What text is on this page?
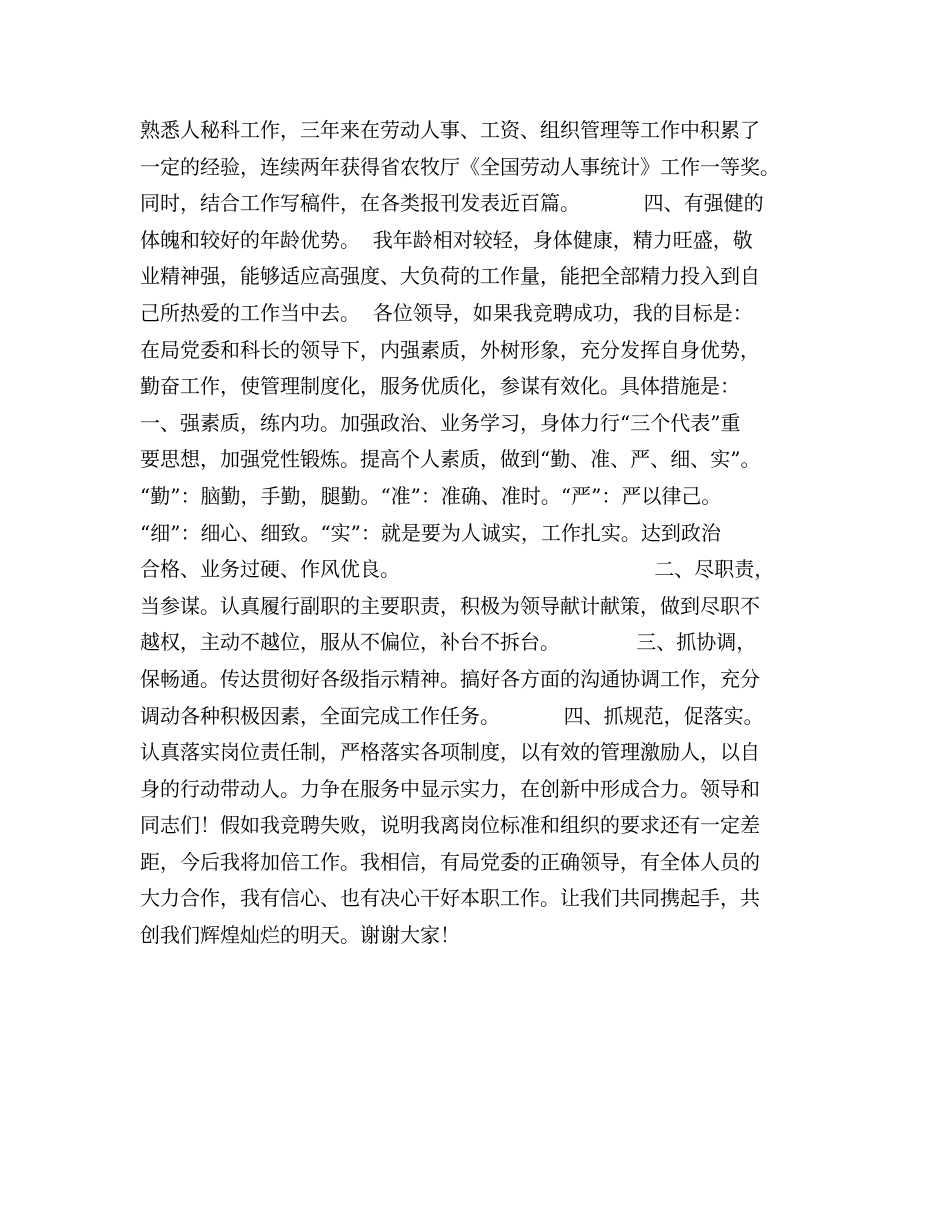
熟悉人秘科工作，三年来在劳动人事、工资、组织管理等工作中积累了
一定的经验，连续两年获得省农牧厅《全国劳动人事统计》工作一等奖。
同时，结合工作写稿件，在各类报刊发表近百篇。          四、有强健的
体魄和较好的年龄优势。  我年龄相对较轻，身体健康，精力旺盛，敬
业精神强，能够适应高强度、大负荷的工作量，能把全部精力投入到自
己所热爱的工作当中去。  各位领导，如果我竞聘成功，我的目标是：
在局党委和科长的领导下，内强素质，外树形象，充分发挥自身优势，
勤奋工作，使管理制度化，服务优质化，参谋有效化。具体措施是：
一、强素质，练内功。加强政治、业务学习，身体力行“三个代表”重
要思想，加强党性锻炼。提高个人素质，做到“勤、准、严、细、实”。
“勤”：脑勤，手勤，腿勤。“准”：准确、准时。“严”：严以律己。
“细”：细心、细致。“实”：就是要为人诚实，工作扎实。达到政治
合格、业务过硬、作风优良。                                        二、尽职责，
当参谋。认真履行副职的主要职责，积极为领导献计献策，做到尽职不
越权，主动不越位，服从不偏位，补台不拆台。            三、抓协调，
保畅通。传达贯彻好各级指示精神。搞好各方面的沟通协调工作，充分
调动各种积极因素，全面完成工作任务。          四、抓规范，促落实。
认真落实岗位责任制，严格落实各项制度，以有效的管理激励人，以自
身的行动带动人。力争在服务中显示实力，在创新中形成合力。领导和
同志们！假如我竞聘失败，说明我离岗位标准和组织的要求还有一定差
距，今后我将加倍工作。我相信，有局党委的正确领导，有全体人员的
大力合作，我有信心、也有决心干好本职工作。让我们共同携起手，共
创我们辉煌灿烂的明天。谢谢大家！
